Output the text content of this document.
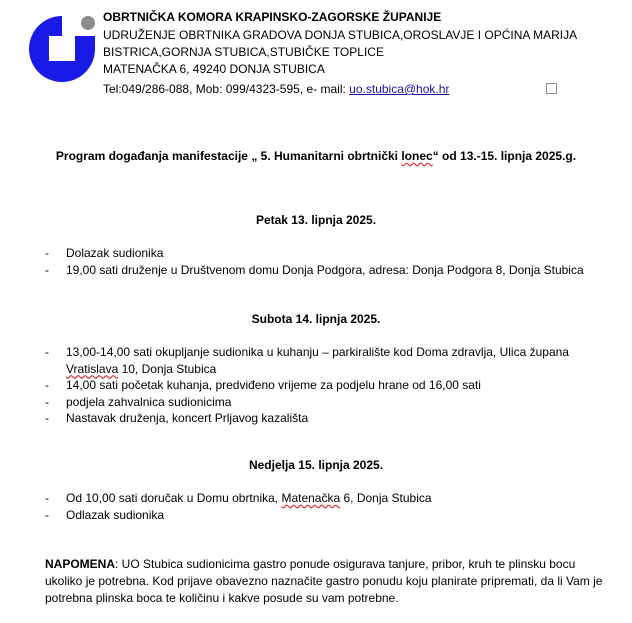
OBRTNIČKA KOMORA KRAPINSKO-ZAGORSKE ŽUPANIJE
UDRUŽENJE OBRTNIKA GRADOVA DONJA STUBICA,OROSLAVJE I OPĆINA MARIJA
BISTRICA,GORNJA STUBICA,STUBIČKE TOPLICE
MATENAČKA 6, 49240 DONJA STUBICA
Tel:049/286-088, Mob: 099/4323-595, e- mail: uo.stubica@hok.hr
Program događanja manifestacije „ 5. Humanitarni obrtnički lonec“ od 13.-15. lipnja 2025.g.
Petak 13. lipnja 2025.
- Dolazak sudionika
- 19,00 sati druženje u Društvenom domu Donja Podgora, adresa: Donja Podgora 8, Donja Stubica
Subota 14. lipnja 2025.
- 13,00-14,00 sati okupljanje sudionika u kuhanju – parkiralište kod Doma zdravlja, Ulica župana
Vratislava 10, Donja Stubica
- 14,00 sati početak kuhanja, predviđeno vrijeme za podjelu hrane od 16,00 sati
- podjela zahvalnica sudionicima
- Nastavak druženja, koncert Prljavog kazališta
Nedjelja 15. lipnja 2025.
- Od 10,00 sati doručak u Domu obrtnika, Matenačka 6, Donja Stubica
- Odlazak sudionika
NAPOMENA: UO Stubica sudionicima gastro ponude osigurava tanjure, pribor, kruh te plinsku bocu ukoliko je potrebna. Kod prijave obavezno naznačite gastro ponudu koju planirate pripremati, da li Vam je potrebna plinska boca te količinu i kakve posude su vam potrebne.
